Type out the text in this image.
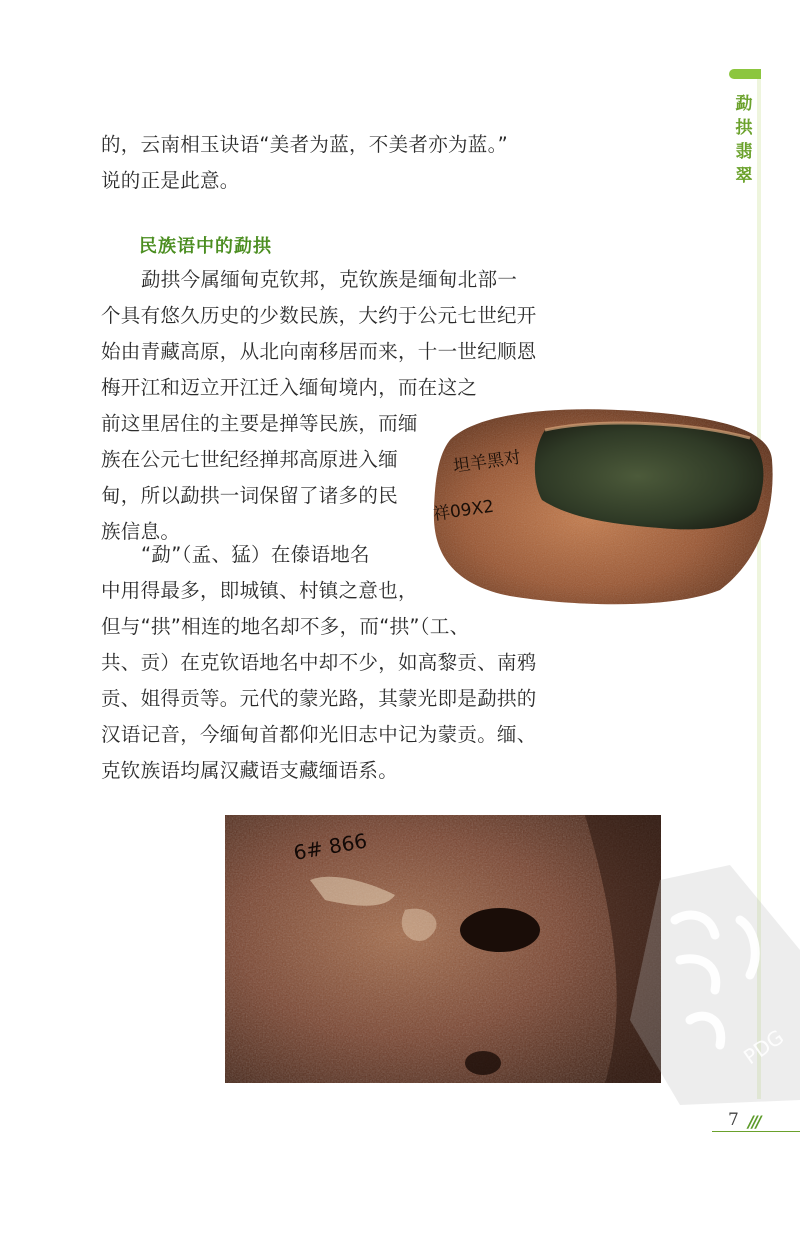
勐
拱
翡
翠
的，云南相玉诀语“美者为蓝，不美者亦为蓝。”
说的正是此意。
民族语中的勐拱
勐拱今属缅甸克钦邦，克钦族是缅甸北部一
个具有悠久历史的少数民族，大约于公元七世纪开
始由青藏高原，从北向南移居而来，十一世纪顺恩
梅开江和迈立开江迁入缅甸境内，而在这之
前这里居住的主要是掸等民族，而缅
族在公元七世纪经掸邦高原进入缅
甸，所以勐拱一词保留了诸多的民
族信息。
“勐”（孟、猛）在傣语地名
中用得最多，即城镇、村镇之意也，
但与“拱”相连的地名却不多，而“拱”（工、
共、贡）在克钦语地名中却不少，如高黎贡、南鸦
贡、姐得贡等。元代的蒙光路，其蒙光即是勐拱的
汉语记音，今缅甸首都仰光旧志中记为蒙贡。缅、
克钦族语均属汉藏语支藏缅语系。
坦羊黑对
祥09X2
6# 866
PDG
7 ///
